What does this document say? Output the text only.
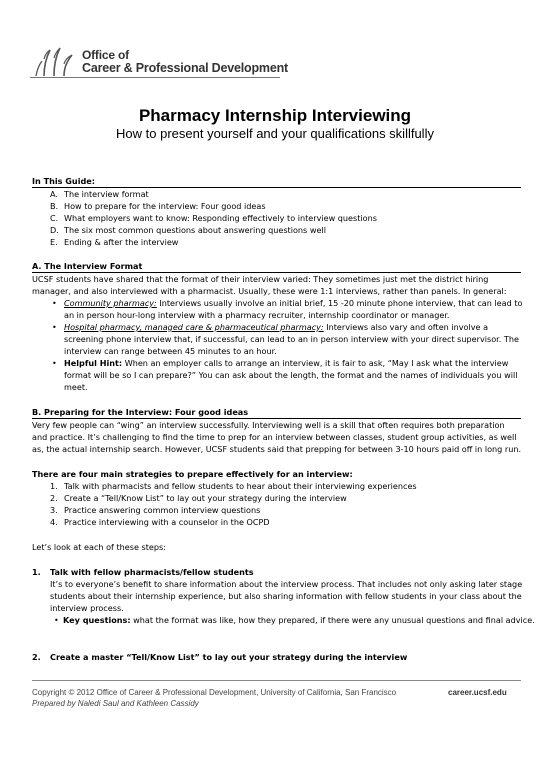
Office of
Career & Professional Development
Pharmacy Internship Interviewing
How to present yourself and your qualifications skillfully
In This Guide:
A. The interview format
B. How to prepare for the interview: Four good ideas
C. What employers want to know: Responding effectively to interview questions
D. The six most common questions about answering questions well
E. Ending & after the interview
A. The Interview Format
UCSF students have shared that the format of their interview varied: They sometimes just met the district hiring
manager, and also interviewed with a pharmacist. Usually, these were 1:1 interviews, rather than panels. In general:
• Community pharmacy: Interviews usually involve an initial brief, 15 -20 minute phone interview, that can lead to
an in person hour-long interview with a pharmacy recruiter, internship coordinator or manager.
• Hospital pharmacy, managed care & pharmaceutical pharmacy: Interviews also vary and often involve a
screening phone interview that, if successful, can lead to an in person interview with your direct supervisor. The
interview can range between 45 minutes to an hour.
• Helpful Hint: When an employer calls to arrange an interview, it is fair to ask, “May I ask what the interview
format will be so I can prepare?” You can ask about the length, the format and the names of individuals you will
meet.
B. Preparing for the Interview: Four good ideas
Very few people can “wing” an interview successfully. Interviewing well is a skill that often requires both preparation
and practice. It’s challenging to find the time to prep for an interview between classes, student group activities, as well
as, the actual internship search. However, UCSF students said that prepping for between 3-10 hours paid off in long run.
There are four main strategies to prepare effectively for an interview:
1. Talk with pharmacists and fellow students to hear about their interviewing experiences
2. Create a “Tell/Know List” to lay out your strategy during the interview
3. Practice answering common interview questions
4. Practice interviewing with a counselor in the OCPD
Let’s look at each of these steps:
1. Talk with fellow pharmacists/fellow students
It’s to everyone’s benefit to share information about the interview process. That includes not only asking later stage
students about their internship experience, but also sharing information with fellow students in your class about the
interview process.
• Key questions: what the format was like, how they prepared, if there were any unusual questions and final advice.
2. Create a master “Tell/Know List” to lay out your strategy during the interview
Copyright © 2012 Office of Career & Professional Development, University of California, San Francisco	career.ucsf.edu
Prepared by Naledi Saul and Kathleen Cassidy
